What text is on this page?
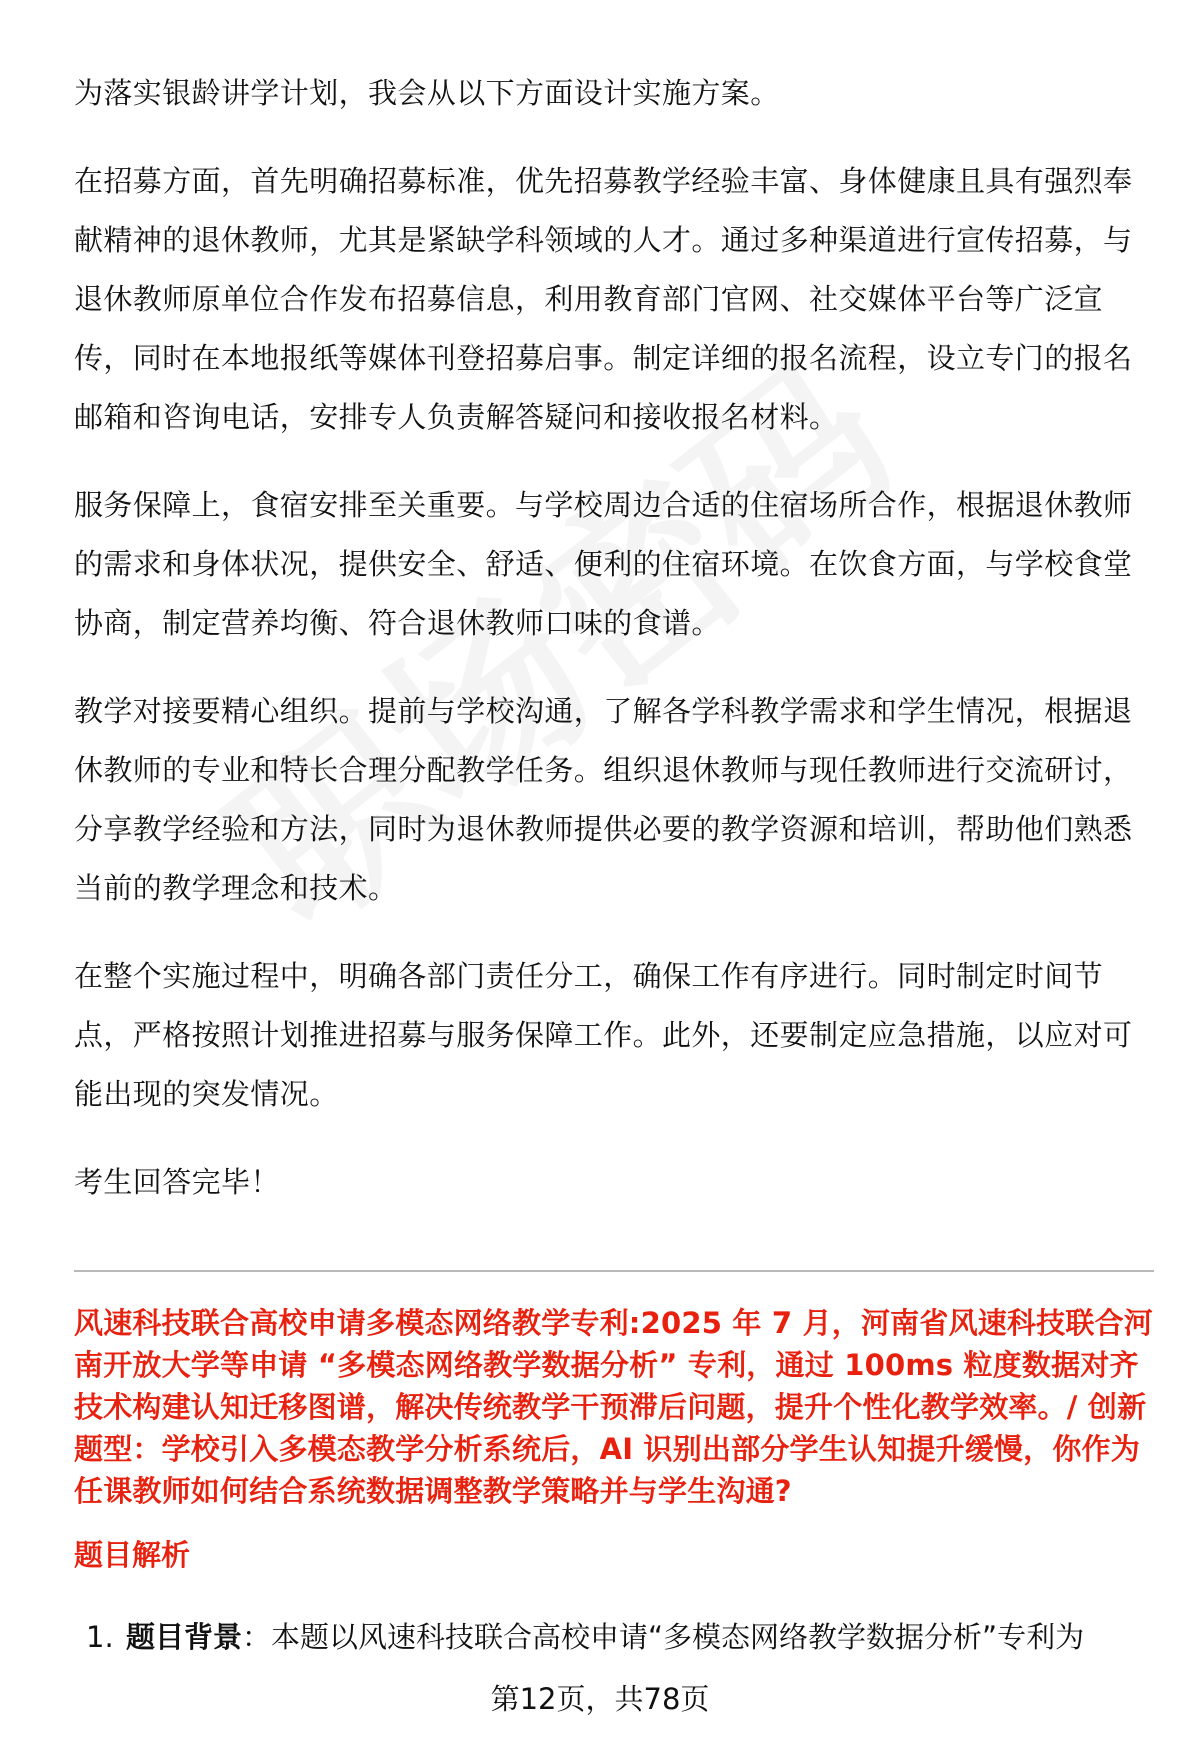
为落实银龄讲学计划，我会从以下方面设计实施方案。

在招募方面，首先明确招募标准，优先招募教学经验丰富、身体健康且具有强烈奉献精神的退休教师，尤其是紧缺学科领域的人才。通过多种渠道进行宣传招募，与退休教师原单位合作发布招募信息，利用教育部门官网、社交媒体平台等广泛宣传，同时在本地报纸等媒体刊登招募启事。制定详细的报名流程，设立专门的报名邮箱和咨询电话，安排专人负责解答疑问和接收报名材料。

服务保障上，食宿安排至关重要。与学校周边合适的住宿场所合作，根据退休教师的需求和身体状况，提供安全、舒适、便利的住宿环境。在饮食方面，与学校食堂协商，制定营养均衡、符合退休教师口味的食谱。

教学对接要精心组织。提前与学校沟通，了解各学科教学需求和学生情况，根据退休教师的专业和特长合理分配教学任务。组织退休教师与现任教师进行交流研讨，分享教学经验和方法，同时为退休教师提供必要的教学资源和培训，帮助他们熟悉当前的教学理念和技术。

在整个实施过程中，明确各部门责任分工，确保工作有序进行。同时制定时间节点，严格按照计划推进招募与服务保障工作。此外，还要制定应急措施，以应对可能出现的突发情况。

考生回答完毕！

风速科技联合高校申请多模态网络教学专利:2025 年 7 月，河南省风速科技联合河南开放大学等申请 “多模态网络教学数据分析” 专利，通过 100ms 粒度数据对齐技术构建认知迁移图谱，解决传统教学干预滞后问题，提升个性化教学效率。/ 创新题型：学校引入多模态教学分析系统后，AI 识别出部分学生认知提升缓慢，你作为任课教师如何结合系统数据调整教学策略并与学生沟通?
题目解析
1. 题目背景：本题以风速科技联合高校申请“多模态网络教学数据分析”专利为
第12页，共78页
